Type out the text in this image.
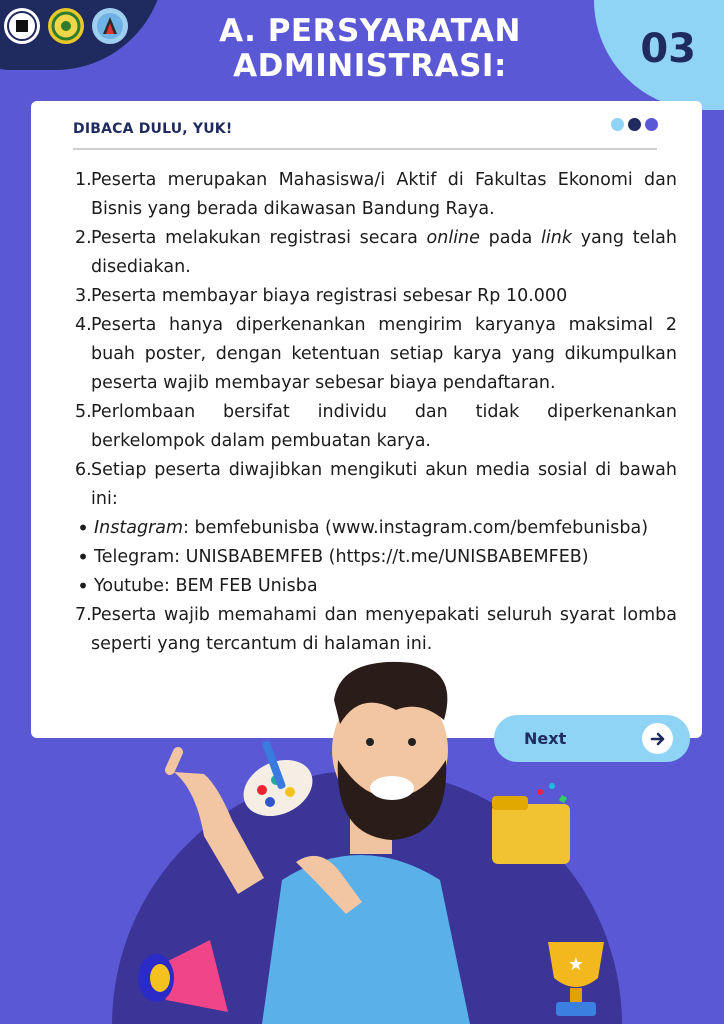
A. PERSYARATAN
ADMINISTRASI:	03
DIBACA DULU, YUK!
1. Peserta merupakan Mahasiswa/i Aktif di Fakultas Ekonomi dan Bisnis yang berada dikawasan Bandung Raya.
2. Peserta melakukan registrasi secara online pada link yang telah disediakan.
3. Peserta membayar biaya registrasi sebesar Rp 10.000
4. Peserta hanya diperkenankan mengirim karyanya maksimal 2 buah poster, dengan ketentuan setiap karya yang dikumpulkan peserta wajib membayar sebesar biaya pendaftaran.
5. Perlombaan bersifat individu dan tidak diperkenankan berkelompok dalam pembuatan karya.
6. Setiap peserta diwajibkan mengikuti akun media sosial di bawah ini:
• Instagram: bemfebunisba (www.instagram.com/bemfebunisba)
• Telegram: UNISBABEMFEB (https://t.me/UNISBABEMFEB)
• Youtube: BEM FEB Unisba
7. Peserta wajib memahami dan menyepakati seluruh syarat lomba seperti yang tercantum di halaman ini.
★
Next
